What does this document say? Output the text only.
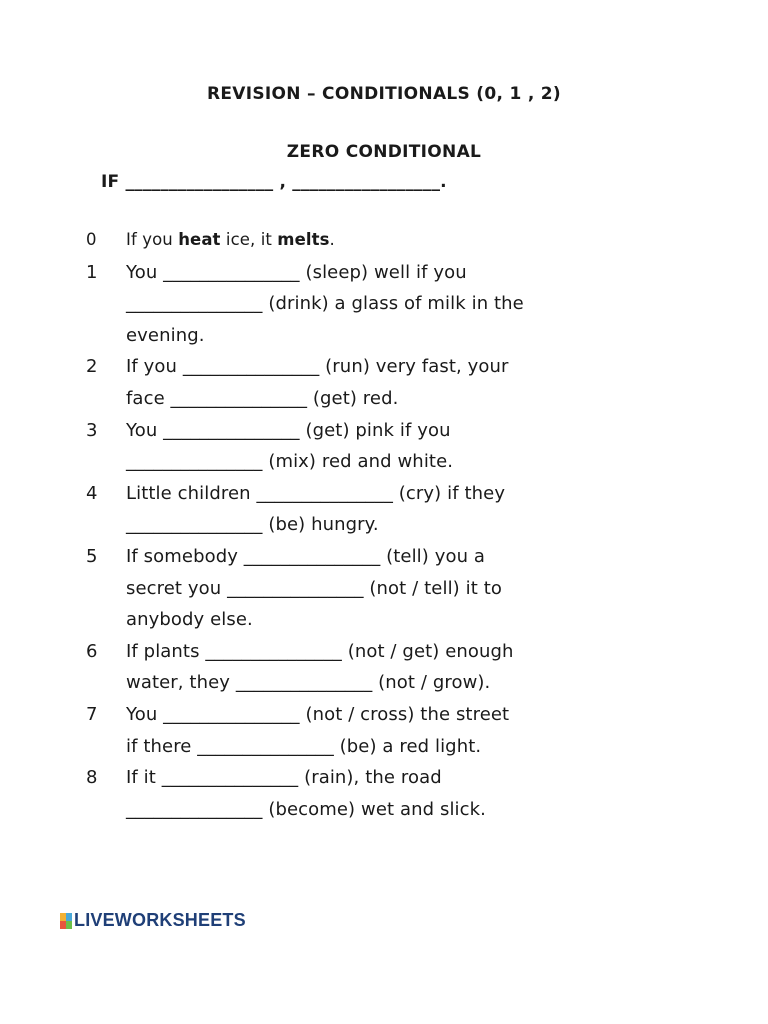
REVISION – CONDITIONALS (0, 1 , 2)
ZERO CONDITIONAL
IF _________________ , _________________.
0	If you heat ice, it melts.
1	You _______________ (sleep) well if you
_______________ (drink) a glass of milk in the
evening.
2	If you _______________ (run) very fast, your
face _______________ (get) red.
3	You _______________ (get) pink if you
_______________ (mix) red and white.
4	Little children _______________ (cry) if they
_______________ (be) hungry.
5	If somebody _______________ (tell) you a
secret you _______________ (not / tell) it to
anybody else.
6	If plants _______________ (not / get) enough
water, they _______________ (not / grow).
7	You _______________ (not / cross) the street
if there _______________ (be) a red light.
8	If it _______________ (rain), the road
_______________ (become) wet and slick.
LIVEWORKSHEETS
